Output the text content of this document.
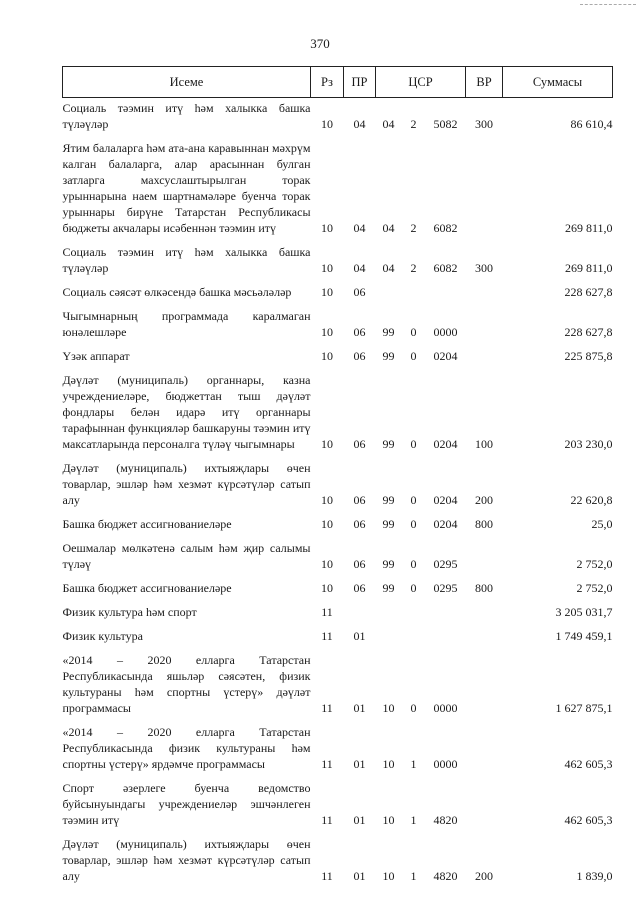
370
Исеме	Рз	ПР	ЦСР			ВР	Суммасы
Социаль тәэмин итү һәм халыкка башка түләүләр	10	04	04	2	5082	300	86 610,4
Ятим балаларга һәм ата-ана каравыннан мәхрүм калган балаларга, алар арасыннан булган затларга махсуслаштырылган торак урыннарына наем шартнамәләре буенча торак урыннары бирүне Татарстан Республикасы бюджеты акчалары исәбеннән тәэмин итү	10	04	04	2	6082		269 811,0
Социаль тәэмин итү һәм халыкка башка түләүләр	10	04	04	2	6082	300	269 811,0
Социаль сәясәт өлкәсендә башка мәсьәләләр	10	06					228 627,8
Чыгымнарның программада каралмаган юнәлешләре	10	06	99	0	0000		228 627,8
Үзәк аппарат	10	06	99	0	0204		225 875,8
Дәүләт (муниципаль) органнары, казна учреждениеләре, бюджеттан тыш дәүләт фондлары белән идарә итү органнары тарафыннан функцияләр башкаруны тәэмин итү максатларында персоналга түләү чыгымнары	10	06	99	0	0204	100	203 230,0
Дәүләт (муниципаль) ихтыяҗлары өчен товарлар, эшләр һәм хезмәт күрсәтүләр сатып алу	10	06	99	0	0204	200	22 620,8
Башка бюджет ассигнованиеләре	10	06	99	0	0204	800	25,0
Оешмалар мөлкәтенә салым һәм җир салымы түләү	10	06	99	0	0295		2 752,0
Башка бюджет ассигнованиеләре	10	06	99	0	0295	800	2 752,0
Физик культура һәм спорт	11						3 205 031,7
Физик культура	11	01					1 749 459,1
«2014 – 2020 елларга Татарстан Республикасында яшьләр сәясәтен, физик культураны һәм спортны үстерү» дәүләт программасы	11	01	10	0	0000		1 627 875,1
«2014 – 2020 елларга Татарстан Республикасында физик культураны һәм спортны үстерү» ярдәмче программасы	11	01	10	1	0000		462 605,3
Спорт әзерлеге буенча ведомство буйсынуындагы учреждениеләр эшчәнлеген тәэмин итү	11	01	10	1	4820		462 605,3
Дәүләт (муниципаль) ихтыяҗлары өчен товарлар, эшләр һәм хезмәт күрсәтүләр сатып алу	11	01	10	1	4820	200	1 839,0
